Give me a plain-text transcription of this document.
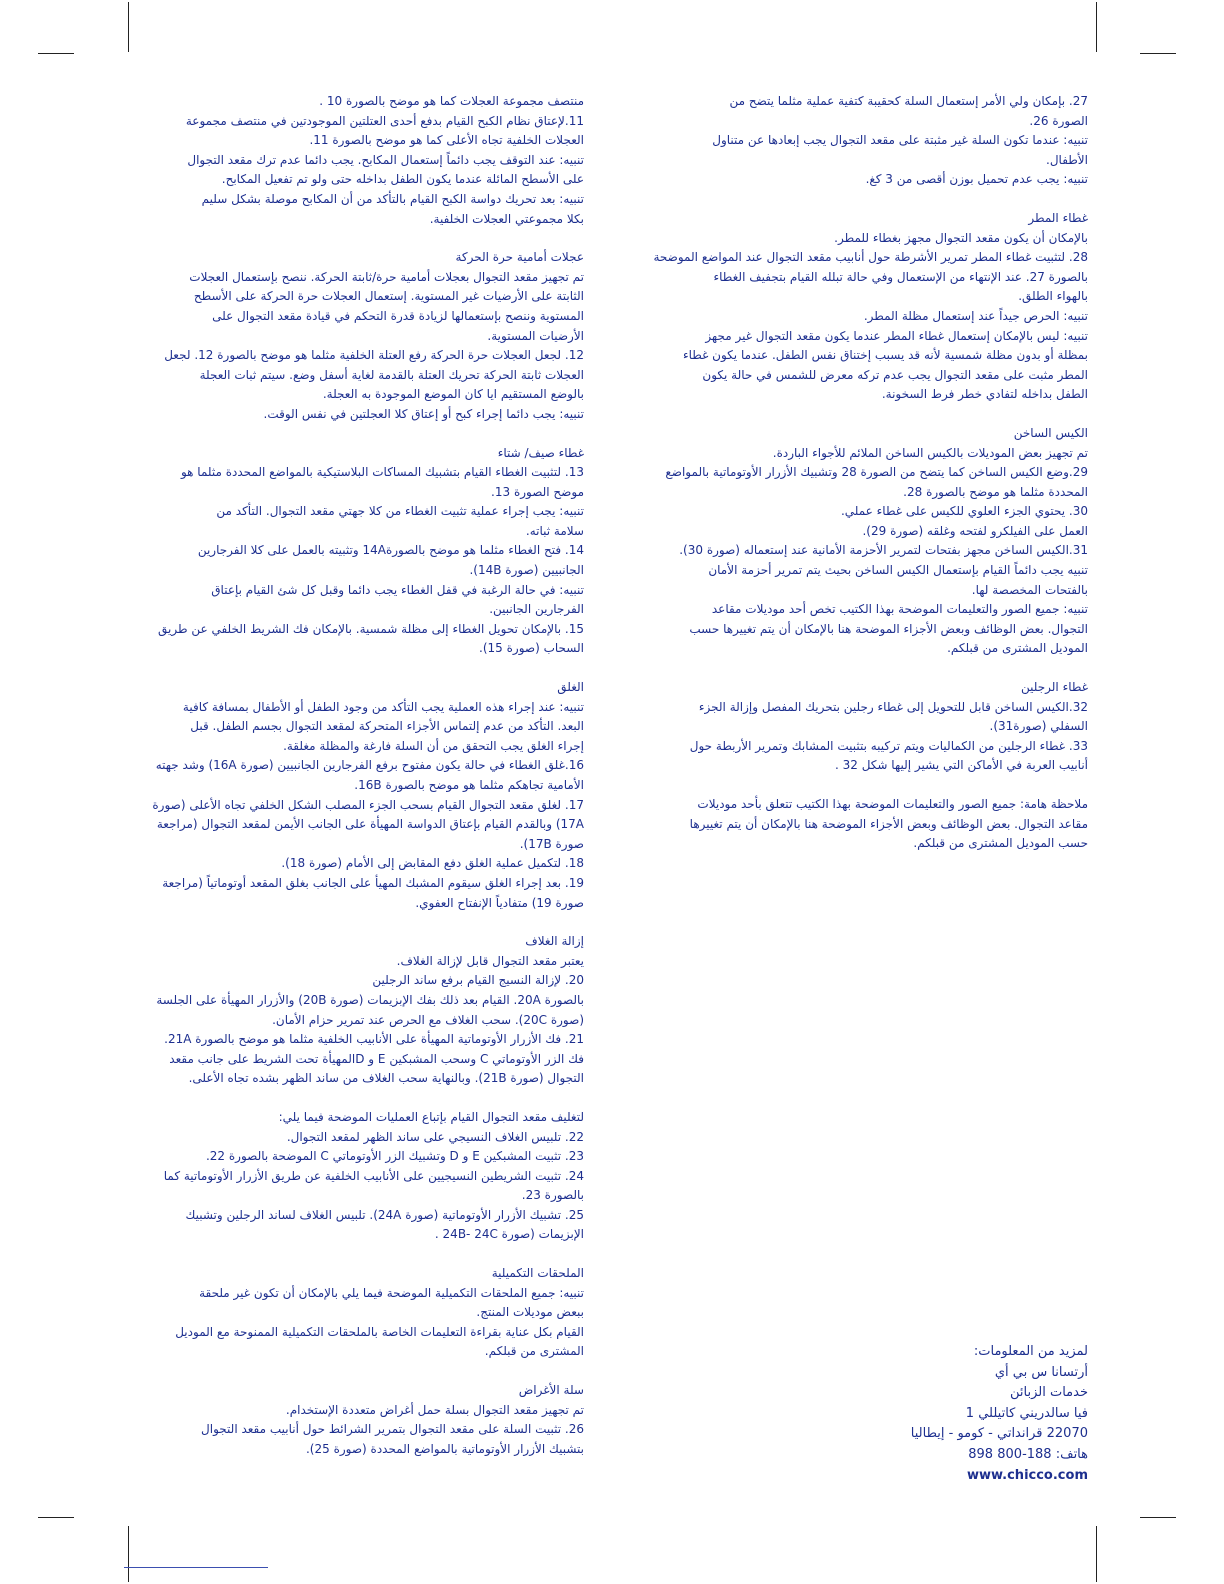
27. بإمكان ولي الأمر إستعمال السلة كحقيبة كتفية عملية مثلما يتضح من

الصورة 26.

تنبيه: عندما تكون السلة غير مثبتة على مقعد التجوال يجب إبعادها عن متناول

الأطفال.

تنبيه: يجب عدم تحميل بوزن أقصى من 3 كغ.

غطاء المطر

بالإمكان أن يكون مقعد التجوال مجهز بغطاء للمطر.

28. لتثبيت غطاء المطر تمرير الأشرطة حول أنابيب مقعد التجوال عند المواضع الموضحة

بالصورة 27. عند الإنتهاء من الإستعمال وفي حالة تبلله القيام بتجفيف الغطاء

بالهواء الطلق.

تنبيه: الحرص جيداً عند إستعمال مظلة المطر.

تنبيه: ليس بالإمكان إستعمال غطاء المطر عندما يكون مقعد التجوال غير مجهز

بمظلة أو بدون مظلة شمسية لأنه قد يسبب إختناق نفس الطفل. عندما يكون غطاء

المطر مثبت على مقعد التجوال يجب عدم تركه معرض للشمس في حالة يكون

الطفل بداخله لتفادي خطر فرط السخونة.

الكيس الساخن

تم تجهيز بعض الموديلات بالكيس الساخن الملائم للأجواء الباردة.

29.وضع الكيس الساخن كما يتضح من الصورة 28 وتشبيك الأزرار الأوتوماتية بالمواضع

المحددة مثلما هو موضح بالصورة 28.

30. يحتوي الجزء العلوي للكيس على غطاء عملي.

العمل على الفيلكرو لفتحه وغلقه (صورة 29).

31.الكيس الساخن مجهز بفتحات لتمرير الأحزمة الأمانية عند إستعماله (صورة 30).

تنبيه يجب دائماً القيام بإستعمال الكيس الساخن بحيث يتم تمرير أحزمة الأمان

بالفتحات المخصصة لها.

تنبيه: جميع الصور والتعليمات الموضحة بهذا الكتيب تخص أحد موديلات مقاعد

التجوال. بعض الوظائف وبعض الأجزاء الموضحة هنا بالإمكان أن يتم تغييرها حسب

الموديل المشترى من قبلكم.

غطاء الرجلين

32.الكيس الساخن قابل للتحويل إلى غطاء رجلين بتحريك المفصل وإزالة الجزء

السفلي (صورة31).

33. غطاء الرجلين من الكماليات ويتم تركيبه بتثبيت المشابك وتمرير الأربطة حول

أنابيب العربة في الأماكن التي يشير إليها شكل 32 .

ملاحظة هامة: جميع الصور والتعليمات الموضحة بهذا الكتيب تتعلق بأحد موديلات

مقاعد التجوال. بعض الوظائف وبعض الأجزاء الموضحة هنا بالإمكان أن يتم تغييرها

حسب الموديل المشترى من قبلكم.

منتصف مجموعة العجلات كما هو موضح بالصورة 10 .

11.لإعتاق نظام الكبح القيام بدفع أحدى العتلتين الموجودتين في منتصف مجموعة

العجلات الخلفية تجاه الأعلى كما هو موضح بالصورة 11.

تنبيه: عند التوقف يجب دائماً إستعمال المكابح. يجب دائما عدم ترك مقعد التجوال

على الأسطح المائلة عندما يكون الطفل بداخله حتى ولو تم تفعيل المكابح.

تنبيه: بعد تحريك دواسة الكبح القيام بالتأكد من أن المكابح موصلة بشكل سليم

بكلا مجموعتي العجلات الخلفية.

عجلات أمامية حرة الحركة

تم تجهيز مقعد التجوال بعجلات أمامية حرة/ثابتة الحركة. ننصح بإستعمال العجلات

الثابتة على الأرضيات غير المستوية. إستعمال العجلات حرة الحركة على الأسطح

المستوية وننصح بإستعمالها لزيادة قدرة التحكم في قيادة مقعد التجوال على

الأرضيات المستوية.

12. لجعل العجلات حرة الحركة رفع العتلة الخلفية مثلما هو موضح بالصورة 12. لجعل

العجلات ثابتة الحركة تحريك العتلة بالقدمة لغاية أسفل وضع. سيتم ثبات العجلة

بالوضع المستقيم ايا كان الموضع الموجودة به العجلة.

تنبيه: يجب دائما إجراء كبح أو إعتاق كلا العجلتين في نفس الوقت.

غطاء صيف/ شتاء

13. لتثبيت الغطاء القيام بتشبيك المساكات البلاستيكية بالمواضع المحددة مثلما هو

موضح الصورة 13.

تنبيه: يجب إجراء عملية تثبيت الغطاء من كلا جهتي مقعد التجوال. التأكد من

سلامة ثباته.

14. فتح الغطاء مثلما هو موضح بالصورة14A وتثبيته بالعمل على كلا الفرجارين

الجانبيين (صورة 14B).

تنبيه: في حالة الرغبة في قفل الغطاء يجب دائما وقبل كل شئ القيام بإعتاق

الفرجارين الجانبين.

15. بالإمكان تحويل الغطاء إلى مظلة شمسية. بالإمكان فك الشريط الخلفي عن طريق

السحاب (صورة 15).

الغلق

تنبيه: عند إجراء هذه العملية يجب التأكد من وجود الطفل أو الأطفال بمسافة كافية

البعد. التأكد من عدم إلتماس الأجزاء المتحركة لمقعد التجوال بجسم الطفل. قبل

إجراء الغلق يجب التحقق من أن السلة فارغة والمظلة مغلقة.

16.غلق الغطاء في حالة يكون مفتوح برفع الفرجارين الجانبيين (صورة 16A) وشد جهته

الأمامية تجاهكم مثلما هو موضح بالصورة 16B.

17. لغلق مقعد التجوال القيام بسحب الجزء المصلب الشكل الخلفي تجاه الأعلى (صورة

17A) وبالقدم القيام بإعتاق الدواسة المهيأة على الجانب الأيمن لمقعد التجوال (مراجعة

صورة 17B).

18. لتكميل عملية الغلق دفع المقابض إلى الأمام (صورة 18).

19. بعد إجراء الغلق سيقوم المشبك المهيأ على الجانب بغلق المقعد أوتوماتياً (مراجعة

صورة 19) متفادياً الإنفتاح العفوي.

إزالة الغلاف

يعتبر مقعد التجوال قابل لإزالة الغلاف.

20. لإزالة النسيج القيام برفع ساند الرجلين

بالصورة 20A. القيام بعد ذلك بفك الإبزيمات (صورة 20B) والأزرار المهيأة على الجلسة

(صورة 20C). سحب الغلاف مع الحرص عند تمرير حزام الأمان.

21. فك الأزرار الأوتوماتية المهيأة على الأنابيب الخلفية مثلما هو موضح بالصورة 21A.

فك الزر الأوتوماتي C وسحب المشبكين E و Dالمهيأة تحت الشريط على جانب مقعد

التجوال (صورة 21B). وبالنهاية سحب الغلاف من ساند الظهر بشده تجاه الأعلى.

لتغليف مقعد التجوال القيام بإتباع العمليات الموضحة فيما يلي:

22. تلبيس الغلاف النسيجي على ساند الظهر لمقعد التجوال.

23. تثبيت المشبكين E و D وتشبيك الزر الأوتوماتي C الموضحة بالصورة 22.

24. تثبيت الشريطين النسيجيين على الأنابيب الخلفية عن طريق الأزرار الأوتوماتية كما

بالصورة 23.

25. تشبيك الأزرار الأوتوماتية (صورة 24A). تلبيس الغلاف لساند الرجلين وتشبيك

الإبزيمات (صورة 24B- 24C .

الملحقات التكميلية

تنبيه: جميع الملحقات التكميلية الموضحة فيما يلي بالإمكان أن تكون غير ملحقة

ببعض موديلات المنتج.

القيام بكل عناية بقراءة التعليمات الخاصة بالملحقات التكميلية الممنوحة مع الموديل

المشترى من قبلكم.

سلة الأغراض

تم تجهيز مقعد التجوال بسلة حمل أغراض متعددة الإستخدام.

26. تثبيت السلة على مقعد التجوال بتمرير الشرائط حول أنابيب مقعد التجوال

بتشبيك الأزرار الأوتوماتية بالمواضع المحددة (صورة 25).

لمزيد من المعلومات:

أرتسانا س بي أي

خدمات الزبائن

فيا سالدريني كاتيللي 1

22070 قرانداتي - كومو - إيطاليا

هاتف: 188-800 898

www.chicco.com
